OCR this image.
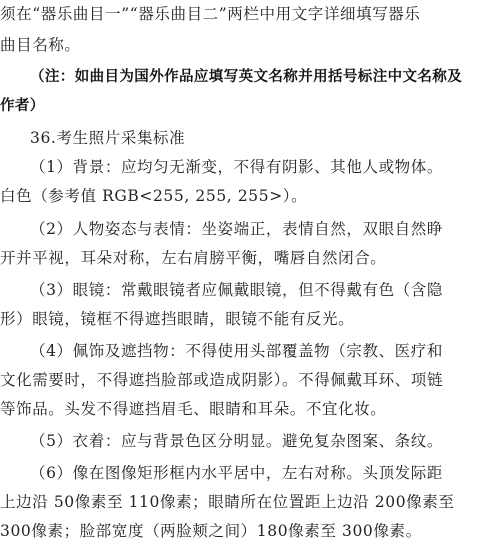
须在“器乐曲目一”“器乐曲目二”两栏中用文字详细填写器乐
曲目名称。
（注：如曲目为国外作品应填写英文名称并用括号标注中文名称及
作者）
36.考生照片采集标准
（1）背景：应均匀无渐变，不得有阴影、其他人或物体。
白色（参考值 RGB<255, 255, 255>）。
（2）人物姿态与表情：坐姿端正，表情自然，双眼自然睁
开并平视，耳朵对称，左右肩膀平衡，嘴唇自然闭合。
（3）眼镜：常戴眼镜者应佩戴眼镜，但不得戴有色（含隐
形）眼镜，镜框不得遮挡眼睛，眼镜不能有反光。
（4）佩饰及遮挡物：不得使用头部覆盖物（宗教、医疗和
文化需要时，不得遮挡脸部或造成阴影）。不得佩戴耳环、项链
等饰品。头发不得遮挡眉毛、眼睛和耳朵。不宜化妆。
（5）衣着：应与背景色区分明显。避免复杂图案、条纹。
（6）像在图像矩形框内水平居中，左右对称。头顶发际距
上边沿 50像素至 110像素；眼睛所在位置距上边沿 200像素至
300像素；脸部宽度（两脸颊之间）180像素至 300像素。
